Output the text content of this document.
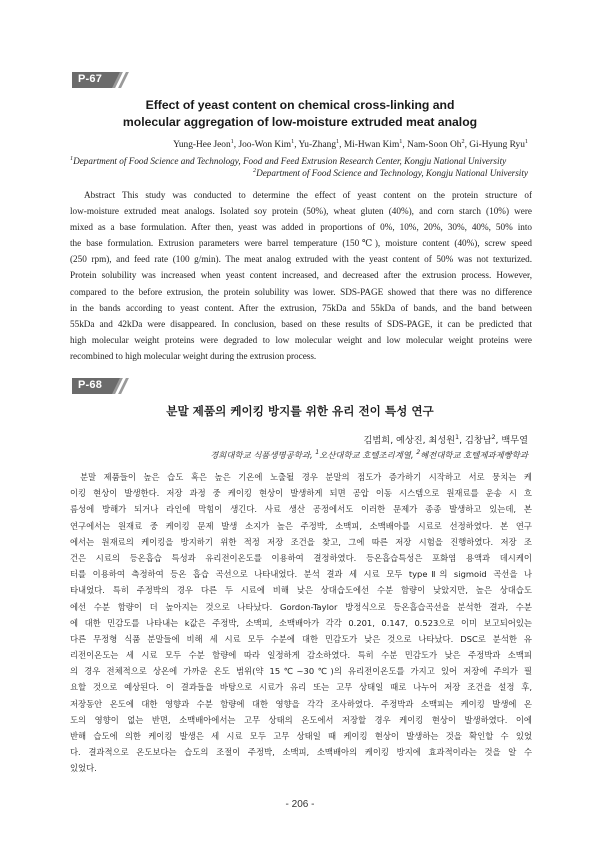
P-67
Effect of yeast content on chemical cross-linking and
molecular aggregation of low-moisture extruded meat analog
Yung-Hee Jeon$^1$, Joo-Won Kim$^1$, Yu-Zhang$^1$, Mi-Hwan Kim$^1$, Nam-Soon Oh$^2$, Gi-Hyung Ryu$^1$
$^1$Department of Food Science and Technology, Food and Feed Extrusion Research Center, Kongju National University
$^2$Department of Food Science and Technology, Kongju National University
Abstract This study was conducted to determine the effect of yeast content on the protein structure of
low-moisture extruded meat analogs. Isolated soy protein (50%), wheat gluten (40%), and corn starch (10%) were
mixed as a base formulation. After then, yeast was added in proportions of 0%, 10%, 20%, 30%, 40%, 50% into
the base formulation. Extrusion parameters were barrel temperature (150℃), moisture content (40%), screw speed
(250 rpm), and feed rate (100 g/min). The meat analog extruded with the yeast content of 50% was not texturized.
Protein solubility was increased when yeast content increased, and decreased after the extrusion process. However,
compared to the before extrusion, the protein solubility was lower. SDS-PAGE showed that there was no difference
in the bands according to yeast content. After the extrusion, 75kDa and 55kDa of bands, and the band between
55kDa and 42kDa were disappeared. In conclusion, based on these results of SDS-PAGE, it can be predicted that
high molecular weight proteins were degraded to low molecular weight and low molecular weight proteins were
recombined to high molecular weight during the extrusion process.
P-68
분말 제품의 케이킹 방지를 위한 유리 전이 특성 연구
김범희, 예상진, 최성원$^1$, 김창남$^2$, 백무열
경희대학교 식품생명공학과, $^1$오산대학교 호텔조리계열, $^2$혜전대학교 호텔제과제빵학과
분말 제품들이 높은 습도 혹은 높은 기온에 노출될 경우 분말의 점도가 증가하기 시작하고 서로 뭉치는 케
이킹 현상이 발생한다. 저장 과정 중 케이킹 현상이 발생하게 되면 공압 이동 시스템으로 원재료를 운송 시 흐
름성에 방해가 되거나 라인에 막힘이 생긴다. 사료 생산 공정에서도 이러한 문제가 종종 발생하고 있는데, 본
연구에서는 원재료 중 케이킹 문제 발생 소지가 높은 주정박, 소맥피, 소맥배아를 시료로 선정하였다. 본 연구
에서는 원재료의 케이킹을 방지하기 위한 적정 저장 조건을 찾고, 그에 따른 저장 시험을 진행하였다. 저장 조
건은 시료의 등온흡습 특성과 유리전이온도를 이용하여 결정하였다. 등온흡습특성은 포화염 용액과 데시케이
터를 이용하여 측정하여 등온 흡습 곡선으로 나타내었다. 분석 결과 세 시료 모두 typeⅡ의 sigmoid 곡선을 나
타내었다. 특히 주정박의 경우 다른 두 시료에 비해 낮은 상대습도에선 수분 함량이 낮았지만, 높은 상대습도
에선 수분 함량이 더 높아지는 것으로 나타났다. Gordon-Taylor 방정식으로 등온흡습곡선을 분석한 결과, 수분
에 대한 민감도를 나타내는 k값은 주정박, 소맥피, 소맥배아가 각각 0.201, 0.147, 0.523으로 이미 보고되어있는
다른 무정형 식품 분말들에 비해 세 시료 모두 수분에 대한 민감도가 낮은 것으로 나타났다. DSC로 분석한 유
리전이온도는 세 시료 모두 수분 함량에 따라 일정하게 감소하였다. 특히 수분 민감도가 낮은 주정박과 소맥피
의 경우 전체적으로 상온에 가까운 온도 범위(약 15℃~30℃)의 유리전이온도를 가지고 있어 저장에 주의가 필
요할 것으로 예상된다. 이 결과들을 바탕으로 시료가 유리 또는 고무 상태일 때로 나누어 저장 조건을 설정 후,
저장동안 온도에 대한 영향과 수분 함량에 대한 영향을 각각 조사하였다. 주정박과 소맥피는 케이킹 발생에 온
도의 영향이 없는 반면, 소맥배아에서는 고무 상태의 온도에서 저장할 경우 케이킹 현상이 발생하였다. 이에
반해 습도에 의한 케이킹 발생은 세 시료 모두 고무 상태일 때 케이킹 현상이 발생하는 것을 확인할 수 있었
다. 결과적으로 온도보다는 습도의 조절이 주정박, 소맥피, 소맥배아의 케이킹 방지에 효과적이라는 것을 알 수
있었다.
- 206 -
